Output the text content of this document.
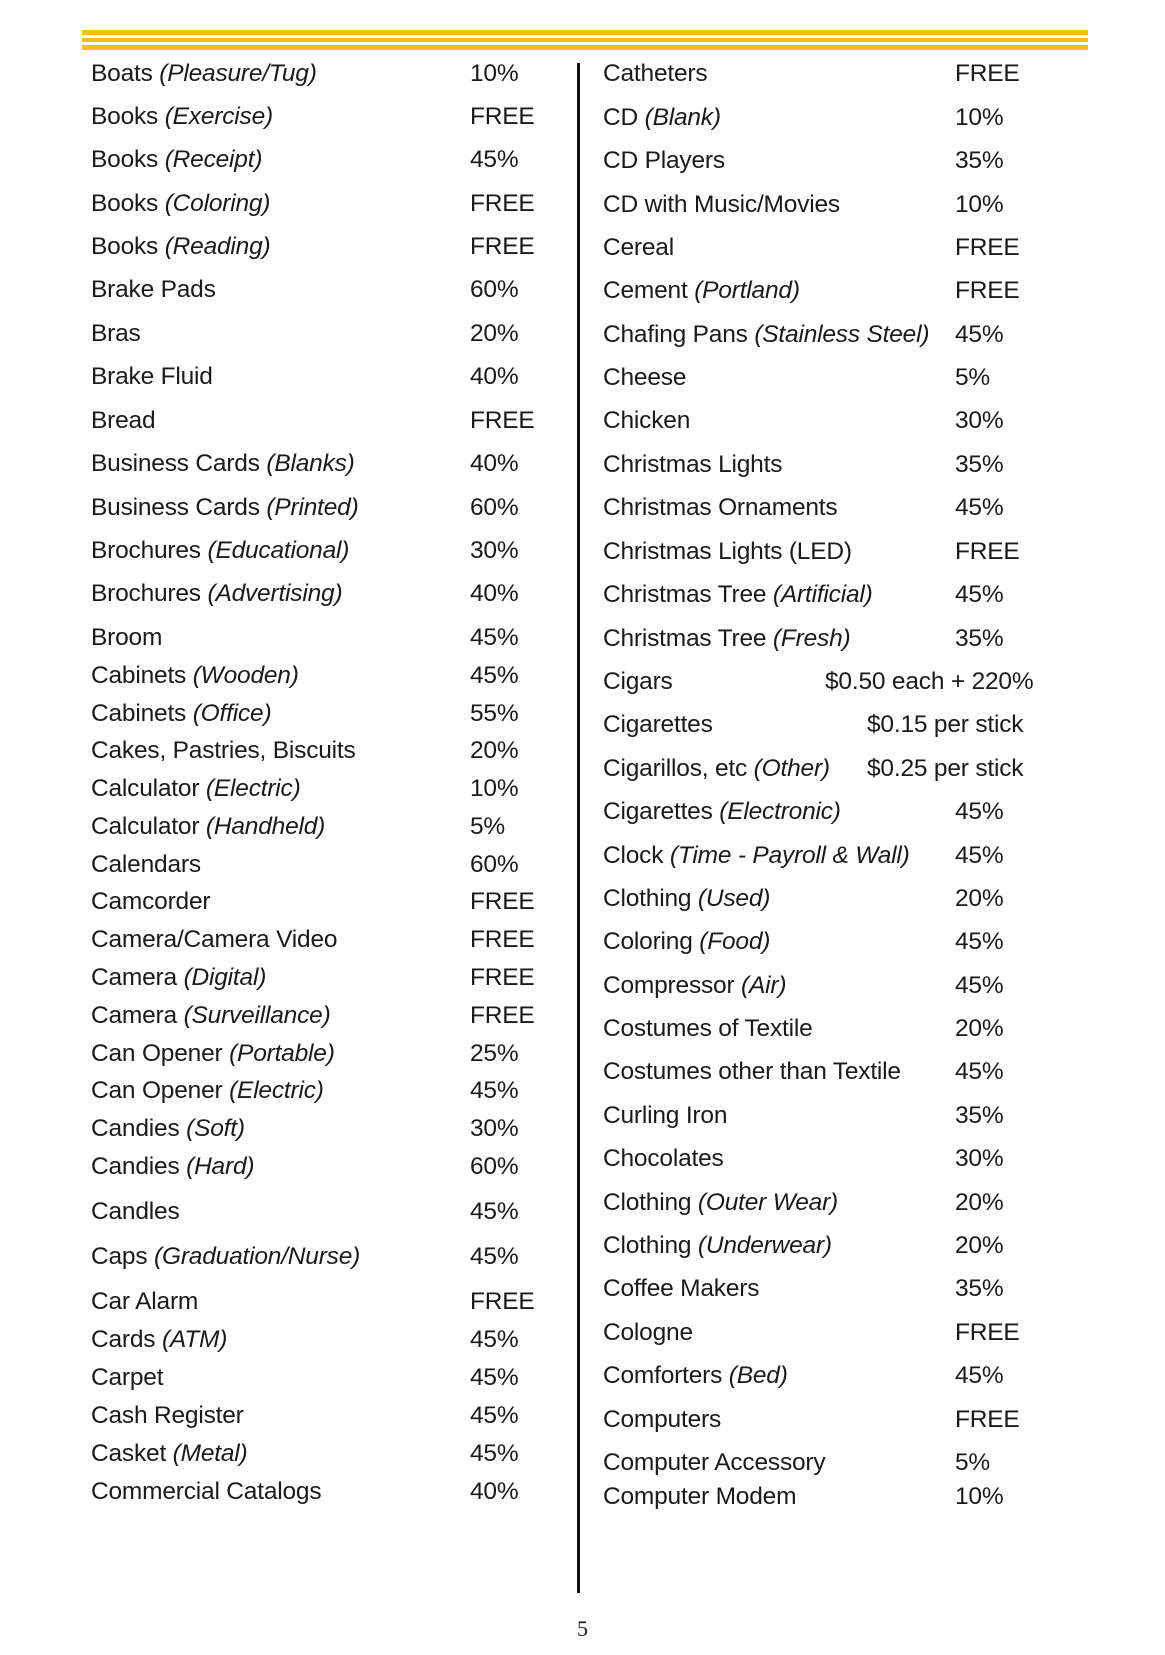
Boats (Pleasure/Tug)	10%
Books (Exercise)	FREE
Books (Receipt)	45%
Books (Coloring)	FREE
Books (Reading)	FREE
Brake Pads	60%
Bras	20%
Brake Fluid	40%
Bread	FREE
Business Cards (Blanks)	40%
Business Cards (Printed)	60%
Brochures (Educational)	30%
Brochures (Advertising)	40%
Broom	45%
Cabinets (Wooden)	45%
Cabinets (Office)	55%
Cakes, Pastries, Biscuits	20%
Calculator (Electric)	10%
Calculator (Handheld)	5%
Calendars	60%
Camcorder	FREE
Camera/Camera Video	FREE
Camera (Digital)	FREE
Camera (Surveillance)	FREE
Can Opener (Portable)	25%
Can Opener (Electric)	45%
Candies (Soft)	30%
Candies (Hard)	60%
Candles	45%
Caps (Graduation/Nurse)	45%
Car Alarm	FREE
Cards (ATM)	45%
Carpet	45%
Cash Register	45%
Casket (Metal)	45%
Commercial Catalogs	40%
Catheters	FREE
CD (Blank)	10%
CD Players	35%
CD with Music/Movies	10%
Cereal	FREE
Cement (Portland)	FREE
Chafing Pans (Stainless Steel) 45%
Cheese	5%
Chicken	30%
Christmas Lights	35%
Christmas Ornaments	45%
Christmas Lights (LED)	FREE
Christmas Tree (Artificial)	45%
Christmas Tree (Fresh)	35%
Cigars	$0.50 each + 220%
Cigarettes	$0.15 per stick
Cigarillos, etc (Other) $0.25 per stick
Cigarettes (Electronic)	45%
Clock (Time - Payroll & Wall) 45%
Clothing (Used)	20%
Coloring (Food)	45%
Compressor (Air)	45%
Costumes of Textile	20%
Costumes other than Textile 45%
Curling Iron	35%
Chocolates	30%
Clothing (Outer Wear)	20%
Clothing (Underwear)	20%
Coffee Makers	35%
Cologne	FREE
Comforters (Bed)	45%
Computers	FREE
Computer Accessory	5%
Computer Modem	10%
5
